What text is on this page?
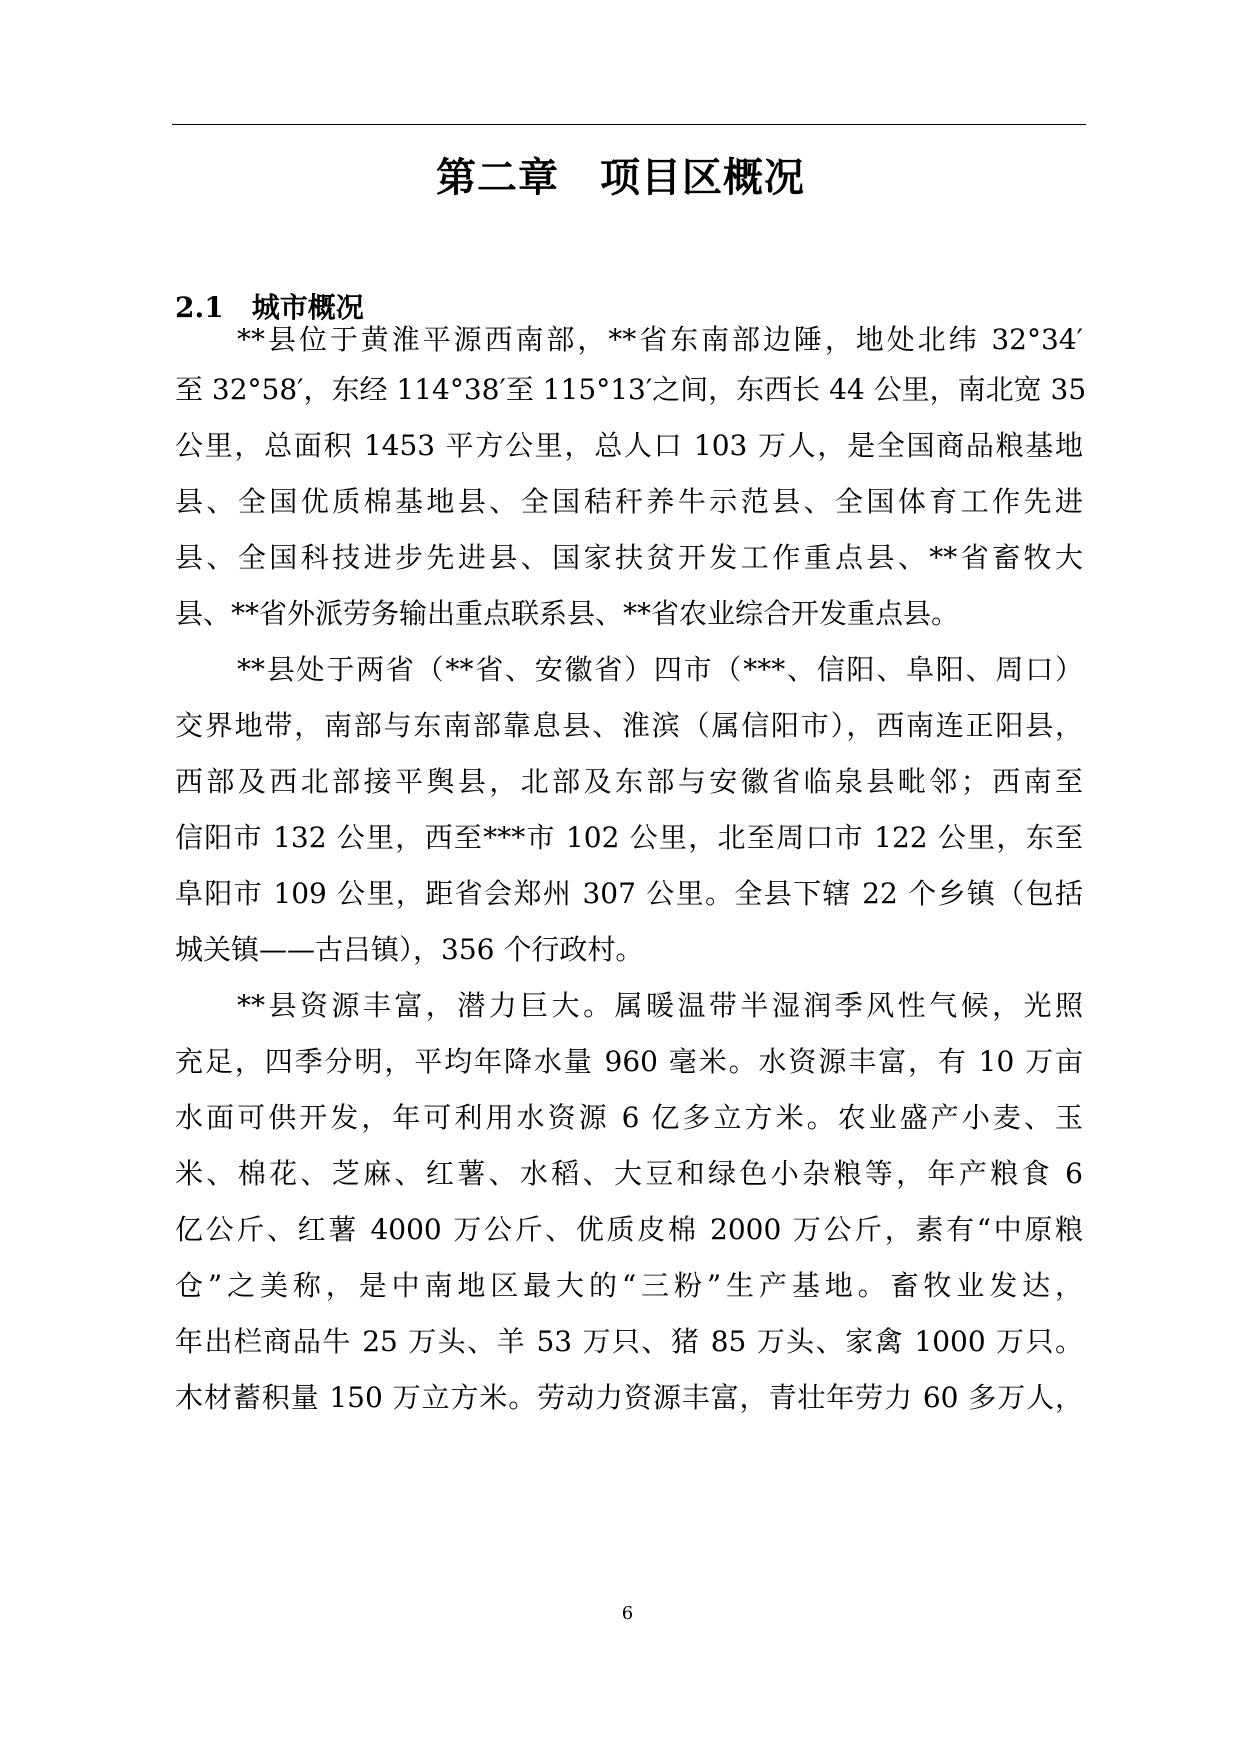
第二章　项目区概况
2.1　城市概况
**县位于黄淮平源西南部，**省东南部边陲，地处北纬 32°34′
至 32°58′，东经 114°38′至 115°13′之间，东西长 44 公里，南北宽 35
公里，总面积 1453 平方公里，总人口 103 万人，是全国商品粮基地
县、全国优质棉基地县、全国秸秆养牛示范县、全国体育工作先进
县、全国科技进步先进县、国家扶贫开发工作重点县、**省畜牧大
县、**省外派劳务输出重点联系县、**省农业综合开发重点县。
**县处于两省（**省、安徽省）四市（***、信阳、阜阳、周口）
交界地带，南部与东南部靠息县、淮滨（属信阳市），西南连正阳县，
西部及西北部接平舆县，北部及东部与安徽省临泉县毗邻；西南至
信阳市 132 公里，西至***市 102 公里，北至周口市 122 公里，东至
阜阳市 109 公里，距省会郑州 307 公里。全县下辖 22 个乡镇（包括
城关镇——古吕镇），356 个行政村。
**县资源丰富，潜力巨大。属暖温带半湿润季风性气候，光照
充足，四季分明，平均年降水量 960 毫米。水资源丰富，有 10 万亩
水面可供开发，年可利用水资源 6 亿多立方米。农业盛产小麦、玉
米、棉花、芝麻、红薯、水稻、大豆和绿色小杂粮等，年产粮食 6
亿公斤、红薯 4000 万公斤、优质皮棉 2000 万公斤，素有“中原粮
仓”之美称，是中南地区最大的“三粉”生产基地。畜牧业发达，
年出栏商品牛 25 万头、羊 53 万只、猪 85 万头、家禽 1000 万只。
木材蓄积量 150 万立方米。劳动力资源丰富，青壮年劳力 60 多万人，
6
